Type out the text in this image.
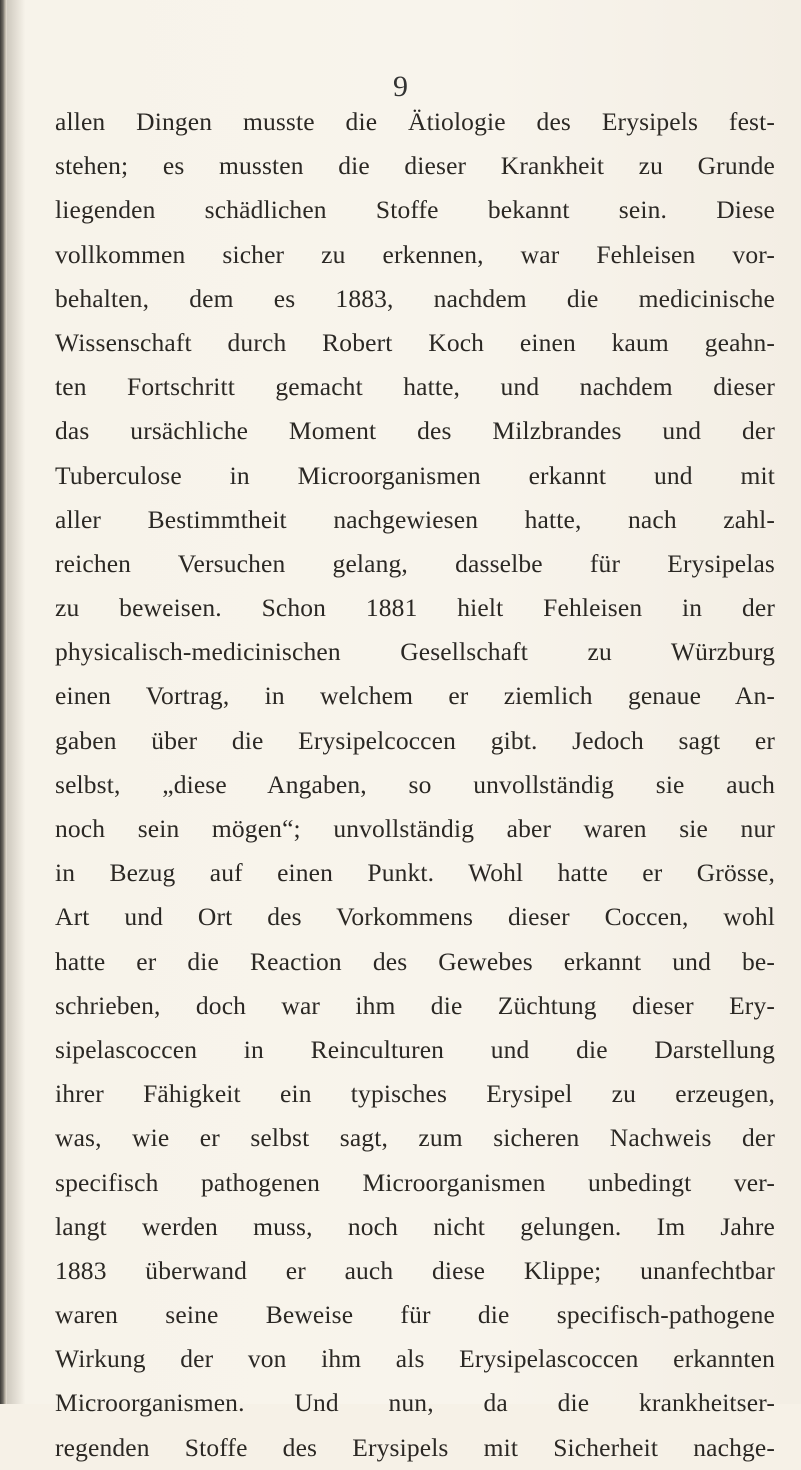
9
allen Dingen musste die Ätiologie des Erysipels fest-
stehen; es mussten die dieser Krankheit zu Grunde
liegenden schädlichen Stoffe bekannt sein. Diese
vollkommen sicher zu erkennen, war Fehleisen vor-
behalten, dem es 1883, nachdem die medicinische
Wissenschaft durch Robert Koch einen kaum geahn-
ten Fortschritt gemacht hatte, und nachdem dieser
das ursächliche Moment des Milzbrandes und der
Tuberculose in Microorganismen erkannt und mit
aller Bestimmtheit nachgewiesen hatte, nach zahl-
reichen Versuchen gelang, dasselbe für Erysipelas
zu beweisen. Schon 1881 hielt Fehleisen in der
physicalisch-medicinischen Gesellschaft zu Würzburg
einen Vortrag, in welchem er ziemlich genaue An-
gaben über die Erysipelcoccen gibt. Jedoch sagt er
selbst, „diese Angaben, so unvollständig sie auch
noch sein mögen“; unvollständig aber waren sie nur
in Bezug auf einen Punkt. Wohl hatte er Grösse,
Art und Ort des Vorkommens dieser Coccen, wohl
hatte er die Reaction des Gewebes erkannt und be-
schrieben, doch war ihm die Züchtung dieser Ery-
sipelascoccen in Reinculturen und die Darstellung
ihrer Fähigkeit ein typisches Erysipel zu erzeugen,
was, wie er selbst sagt, zum sicheren Nachweis der
specifisch pathogenen Microorganismen unbedingt ver-
langt werden muss, noch nicht gelungen. Im Jahre
1883 überwand er auch diese Klippe; unanfechtbar
waren seine Beweise für die specifisch-pathogene
Wirkung der von ihm als Erysipelascoccen erkannten
Microorganismen. Und nun, da die krankheitser-
regenden Stoffe des Erysipels mit Sicherheit nachge-
